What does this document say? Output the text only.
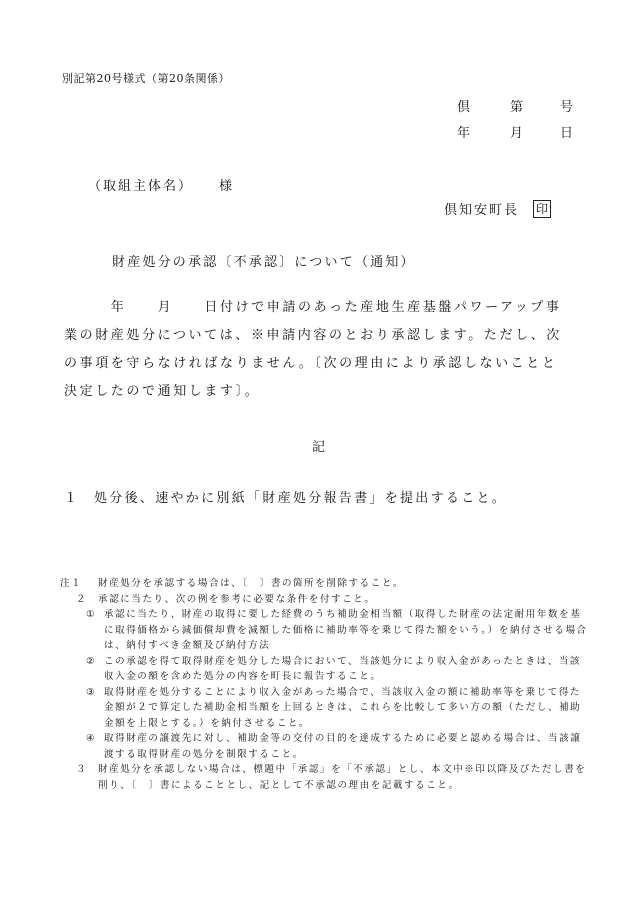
別記第20号様式（第20条関係）
倶	第	号
年	月	日
（取組主体名） 様
倶知安町長 印
財産処分の承認〔不承認〕について（通知）

　　　年　　月　　日付けで申請のあった産地生産基盤パワーアップ事

業の財産処分については、※申請内容のとおり承認します。ただし、次

の事項を守らなければなりません。〔次の理由により承認しないことと

決定したので通知します〕。

記
１ 処分後、速やかに別紙「財産処分報告書」を提出すること。
注１ 財産処分を承認する場合は、〔　〕書の箇所を削除すること。
２ 承認に当たり、次の例を参考に必要な条件を付すこと。
① 承認に当たり、財産の取得に要した経費のうち補助金相当額（取得した財産の法定耐用年数を基に取得価格から減価償却費を減額した価格に補助率等を乗じて得た額をいう。）を納付させる場合は、納付すべき金額及び納付方法
② この承認を得て取得財産を処分した場合において、当該処分により収入金があったときは、当該収入金の額を含めた処分の内容を町長に報告すること。
③ 取得財産を処分することにより収入金があった場合で、当該収入金の額に補助率等を乗じて得た金額が２で算定した補助金相当額を上回るときは、これらを比較して多い方の額（ただし、補助金額を上限とする。）を納付させること。
④ 取得財産の譲渡先に対し、補助金等の交付の目的を達成するために必要と認める場合は、当該譲渡する取得財産の処分を制限すること。
３ 財産処分を承認しない場合は、標題中「承認」を「不承認」とし、本文中※印以降及びただし書を削り、〔　〕書によることとし、記として不承認の理由を記載すること。
